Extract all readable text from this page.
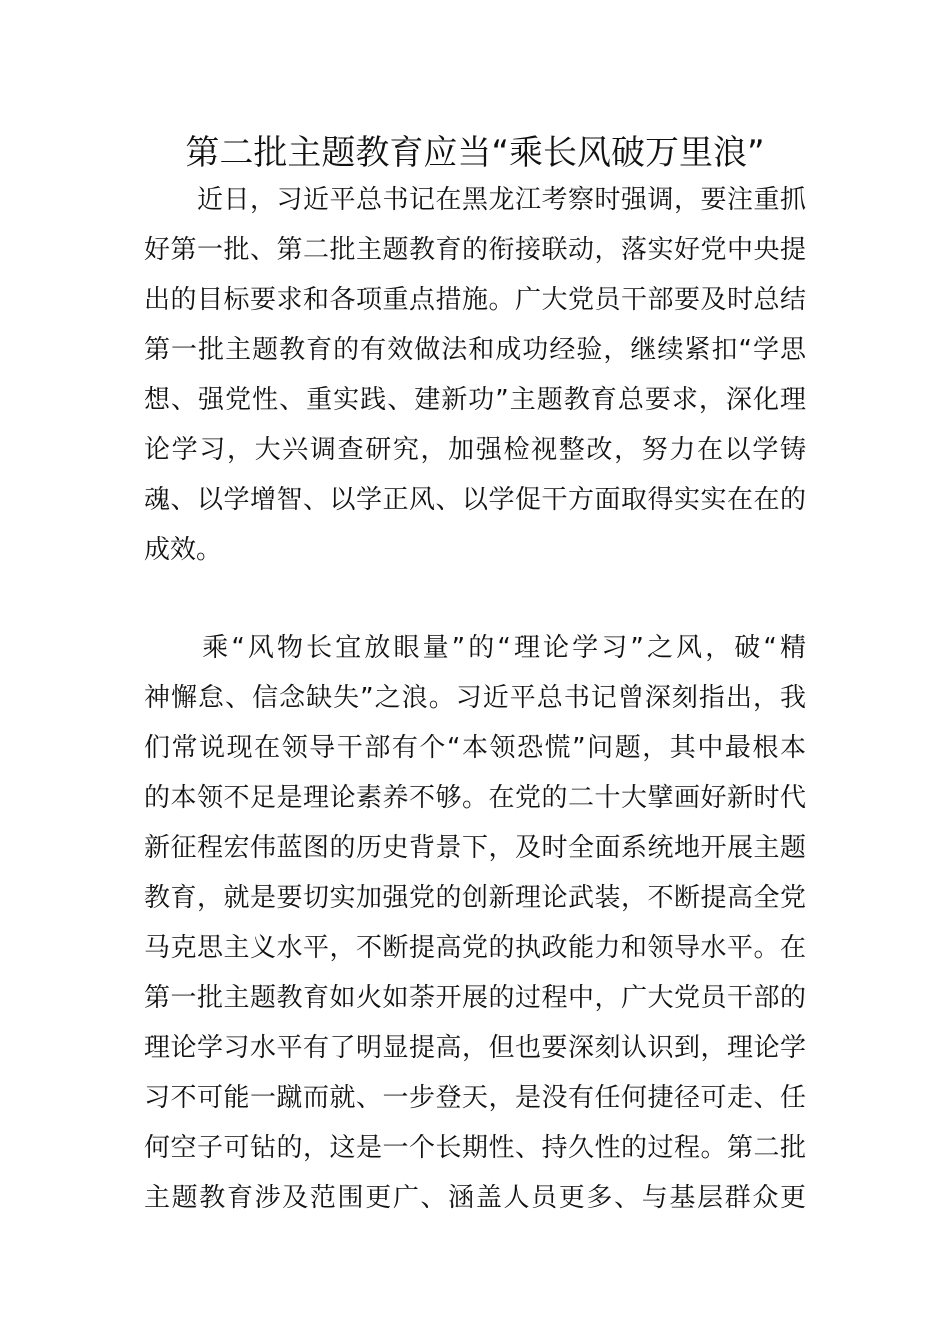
第二批主题教育应当“乘长风破万里浪”
　　近日，习近平总书记在黑龙江考察时强调，要注重抓
好第一批、第二批主题教育的衔接联动，落实好党中央提
出的目标要求和各项重点措施。广大党员干部要及时总结
第一批主题教育的有效做法和成功经验，继续紧扣“学思
想、强党性、重实践、建新功”主题教育总要求，深化理
论学习，大兴调查研究，加强检视整改，努力在以学铸
魂、以学增智、以学正风、以学促干方面取得实实在在的
成效。
　　乘“风物长宜放眼量”的“理论学习”之风，破“精
神懈怠、信念缺失”之浪。习近平总书记曾深刻指出，我
们常说现在领导干部有个“本领恐慌”问题，其中最根本
的本领不足是理论素养不够。在党的二十大擘画好新时代
新征程宏伟蓝图的历史背景下，及时全面系统地开展主题
教育，就是要切实加强党的创新理论武装，不断提高全党
马克思主义水平，不断提高党的执政能力和领导水平。在
第一批主题教育如火如荼开展的过程中，广大党员干部的
理论学习水平有了明显提高，但也要深刻认识到，理论学
习不可能一蹴而就、一步登天，是没有任何捷径可走、任
何空子可钻的，这是一个长期性、持久性的过程。第二批
主题教育涉及范围更广、涵盖人员更多、与基层群众更
